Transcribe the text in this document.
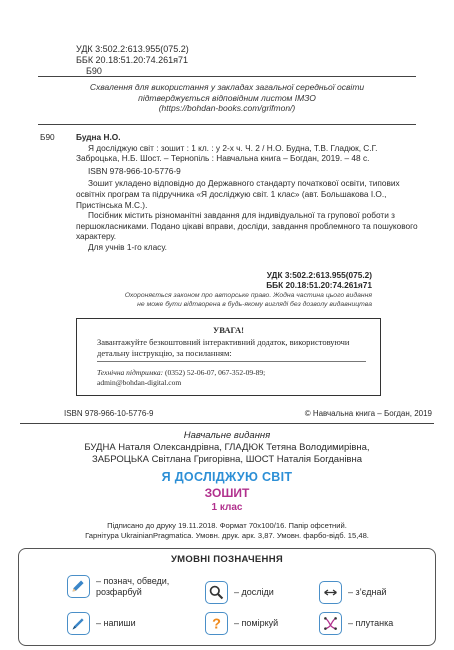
УДК 3:502.2:613.955(075.2)
ББК 20.18:51.20:74.261я71
Б90
Схвалення для використання у закладах загальної середньої освіти
підтверджується відповідним листом ІМЗО
(https://bohdan-books.com/grifmon/)
Б90	Будна Н.О.
Я досліджую світ : зошит : 1 кл. : у 2-х ч. Ч. 2 / Н.О. Будна, Т.В. Гладюк, С.Г. Заброцька, Н.Б. Шост. – Тернопіль : Навчальна книга – Богдан, 2019. – 48 с.
ISBN 978-966-10-5776-9
Зошит укладено відповідно до Державного стандарту початкової освіти, типових освітніх програм та підручника «Я досліджую світ. 1 клас» (авт. Большакова І.О., Пристінська М.С.).
Посібник містить різноманітні завдання для індивідуальної та групової роботи з першокласниками. Подано цікаві вправи, досліди, завдання проблемного та пошукового характеру.
Для учнів 1-го класу.
УДК 3:502.2:613.955(075.2)
ББК 20.18:51.20:74.261я71
Охороняється законом про авторське право. Жодна частина цього видання
не може бути відтворена в будь-якому вигляді без дозволу видавництва
УВАГА!
Завантажуйте безкоштовний інтерактивний додаток, використовуючи детальну інструкцію, за посиланням:
Технічна підтримка: (0352) 52-06-07, 067-352-09-89;
admin@bohdan-digital.com
ISBN 978-966-10-5776-9	© Навчальна книга – Богдан, 2019
Навчальне видання
БУДНА Наталя Олександрівна, ГЛАДЮК Тетяна Володимирівна,
ЗАБРОЦЬКА Світлана Григорівна, ШОСТ Наталія Богданівна
Я ДОСЛІДЖУЮ СВІТ
ЗОШИТ
1 клас
Підписано до друку 19.11.2018. Формат 70х100/16. Папір офсетний.
Гарнітура UkrainianPragmatica. Умовн. друк. арк. 3,87. Умовн. фарбо-відб. 15,48.
УМОВНІ ПОЗНАЧЕННЯ
– познач, обведи,
розфарбуй	– досліди	– з’єднай
– напиши	? – поміркуй	– плутанка
